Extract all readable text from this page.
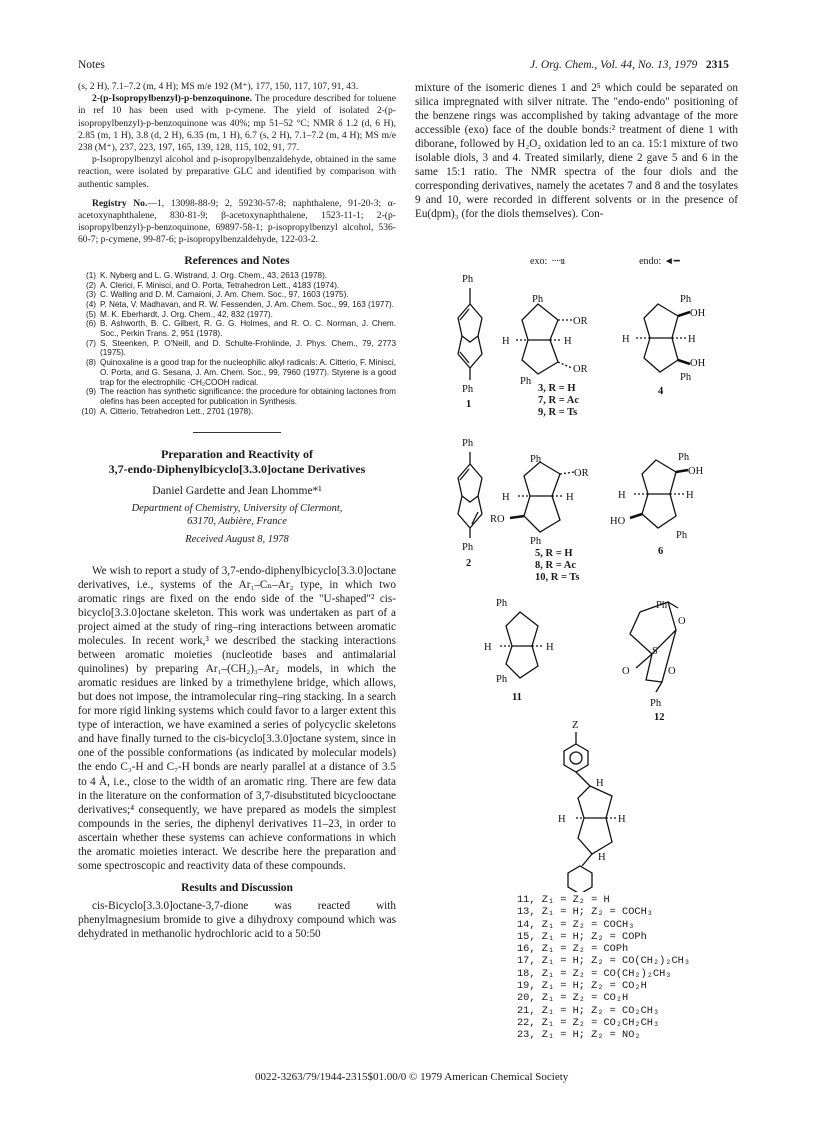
Notes	J. Org. Chem., Vol. 44, No. 13, 1979 2315

(s, 2 H), 7.1–7.2 (m, 4 H); MS m/e 192 (M⁺), 177, 150, 117, 107, 91, 43.

2-(p-Isopropylbenzyl)-p-benzoquinone. The procedure described for toluene in ref 10 has been used with p-cymene. The yield of isolated 2-(p-isopropylbenzyl)-p-benzoquinone was 40%; mp 51–52 °C; NMR δ 1.2 (d, 6 H), 2.85 (m, 1 H), 3.8 (d, 2 H), 6.35 (m, 1 H), 6.7 (s, 2 H), 7.1–7.2 (m, 4 H); MS m/e 238 (M⁺), 237, 223, 197, 165, 139, 128, 115, 102, 91, 77.

p-Isopropylbenzyl alcohol and p-isopropylbenzaldehyde, obtained in the same reaction, were isolated by preparative GLC and identified by comparison with authentic samples.

Registry No.—1, 13098-88-9; 2, 59230-57-8; naphthalene, 91-20-3; α-acetoxynaphthalene, 830-81-9; β-acetoxynaphthalene, 1523-11-1; 2-(p-isopropylbenzyl)-p-benzoquinone, 69897-58-1; p-isopropylbenzyl alcohol, 536-60-7; p-cymene, 99-87-6; p-isopropylbenzaldehyde, 122-03-2.

References and Notes
(1) K. Nyberg and L. G. Wistrand, J. Org. Chem., 43, 2613 (1978).
(2) A. Clerici, F. Minisci, and O. Porta, Tetrahedron Lett., 4183 (1974).
(3) C. Walling and D. M. Camaioni, J. Am. Chem. Soc., 97, 1603 (1975).
(4) P. Neta, V. Madhavan, and R. W. Fessenden, J. Am. Chem. Soc., 99, 163 (1977).
(5) M. K. Eberhardt, J. Org. Chem., 42, 832 (1977).
(6) B. Ashworth, B. C. Gilbert, R. G. G. Holmes, and R. O. C. Norman, J. Chem. Soc., Perkin Trans. 2, 951 (1978).
(7) S. Steenken, P. O'Neill, and D. Schulte-Frohlinde, J. Phys. Chem., 79, 2773 (1975).
(8) Quinoxaline is a good trap for the nucleophilic alkyl radicals: A. Citterio, F. Minisci, O. Porta, and G. Sesana, J. Am. Chem. Soc., 99, 7960 (1977). Styrene is a good trap for the electrophilic ·CH₂COOH radical.
(9) The reaction has synthetic significance: the procedure for obtaining lactones from olefins has been accepted for publication in Synthesis.
(10) A. Citterio, Tetrahedron Lett., 2701 (1978).
Preparation and Reactivity of
3,7-endo-Diphenylbicyclo[3.3.0]octane Derivatives
Daniel Gardette and Jean Lhomme*¹
Department of Chemistry, University of Clermont,
63170, Aubière, France
Received August 8, 1978

We wish to report a study of 3,7-endo-diphenylbicyclo[3.3.0]octane derivatives, i.e., systems of the Ar₁–Cₙ–Ar₂ type, in which two aromatic rings are fixed on the endo side of the "U-shaped"² cis-bicyclo[3.3.0]octane skeleton. This work was undertaken as part of a project aimed at the study of ring–ring interactions between aromatic molecules. In recent work,³ we described the stacking interactions between aromatic moieties (nucleotide bases and antimalarial quinolines) by preparing Ar₁–(CH₂)₃–Ar₂ models, in which the aromatic residues are linked by a trimethylene bridge, which allows, but does not impose, the intramolecular ring–ring stacking. In a search for more rigid linking systems which could favor to a larger extent this type of interaction, we have examined a series of polycyclic skeletons and have finally turned to the cis-bicyclo[3.3.0]octane system, since in one of the possible conformations (as indicated by molecular models) the endo C₃-H and C₇-H bonds are nearly parallel at a distance of 3.5 to 4 Å, i.e., close to the width of an aromatic ring. There are few data in the literature on the conformation of 3,7-disubstituted bicyclooctane derivatives;⁴ consequently, we have prepared as models the simplest compounds in the series, the diphenyl derivatives 11–23, in order to ascertain whether these systems can achieve conformations in which the aromatic moieties interact. We describe here the preparation and some spectroscopic and reactivity data of these compounds.

Results and Discussion

cis-Bicyclo[3.3.0]octane-3,7-dione was reacted with phenylmagnesium bromide to give a dihydroxy compound which was dehydrated in methanolic hydrochloric acid to a 50:50

mixture of the isomeric dienes 1 and 2⁵ which could be separated on silica impregnated with silver nitrate. The "endo-endo" positioning of the benzene rings was accomplished by taking advantage of the more accessible (exo) face of the double bonds:² treatment of diene 1 with diborane, followed by H₂O₂ oxidation led to an ca. 15:1 mixture of two isolable diols, 3 and 4. Treated similarly, diene 2 gave 5 and 6 in the same 15:1 ratio. The NMR spectra of the four diols and the corresponding derivatives, namely the acetates 7 and 8 and the tosylates 9 and 10, were recorded in different solvents or in the presence of Eu(dpm)₃ (for the diols themselves). Con-

exo:  ····ıı	endo: ◄━
Ph
Ph
1
Ph
OR
H	H
OR
Ph
Ph
OH
H	H
OH
Ph
4
Ph
Ph
2
Ph
OR
H	H
RO
Ph
Ph
OH
H	H
HO
Ph
6
Ph
H	H
Ph
11
Ph
O
S
O	O
Ph
12
Z
H
H	H
H
3, R = H
7, R = Ac
9, R = Ts
5, R = H
8, R = Ac
10, R = Ts
11, Z₁ = Z₂ = H
13, Z₁ = H; Z₂ = COCH₃
14, Z₁ = Z₂ = COCH₃
15, Z₁ = H; Z₂ = COPh
16, Z₁ = Z₂ = COPh
17, Z₁ = H; Z₂ = CO(CH₂)₂CH₃
18, Z₁ = Z₂ = CO(CH₂)₂CH₃
19, Z₁ = H; Z₂ = CO₂H
20, Z₁ = Z₂ = CO₂H
21, Z₁ = H; Z₂ = CO₂CH₃
22, Z₁ = Z₂ = CO₂CH₂CH₃
23, Z₁ = H; Z₂ = NO₂
0022-3263/79/1944-2315$01.00/0 © 1979 American Chemical Society
